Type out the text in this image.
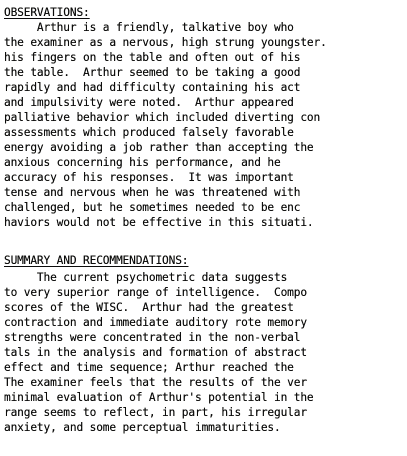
OBSERVATIONS:
Arthur is a friendly, talkative boy who
the examiner as a nervous, high strung youngster.
his fingers on the table and often out of his
the table.  Arthur seemed to be taking a good
rapidly and had difficulty containing his act
and impulsivity were noted.  Arthur appeared
palliative behavior which included diverting con
assessments which produced falsely favorable
energy avoiding a job rather than accepting the
anxious concerning his performance, and he
accuracy of his responses.  It was important
tense and nervous when he was threatened with
challenged, but he sometimes needed to be enc
haviors would not be effective in this situati.
SUMMARY AND RECOMMENDATIONS:
The current psychometric data suggests
to very superior range of intelligence.  Compo
scores of the WISC.  Arthur had the greatest
contraction and immediate auditory rote memory
strengths were concentrated in the non-verbal
tals in the analysis and formation of abstract
effect and time sequence; Arthur reached the
The examiner feels that the results of the ver
minimal evaluation of Arthur's potential in the
range seems to reflect, in part, his irregular
anxiety, and some perceptual immaturities.
